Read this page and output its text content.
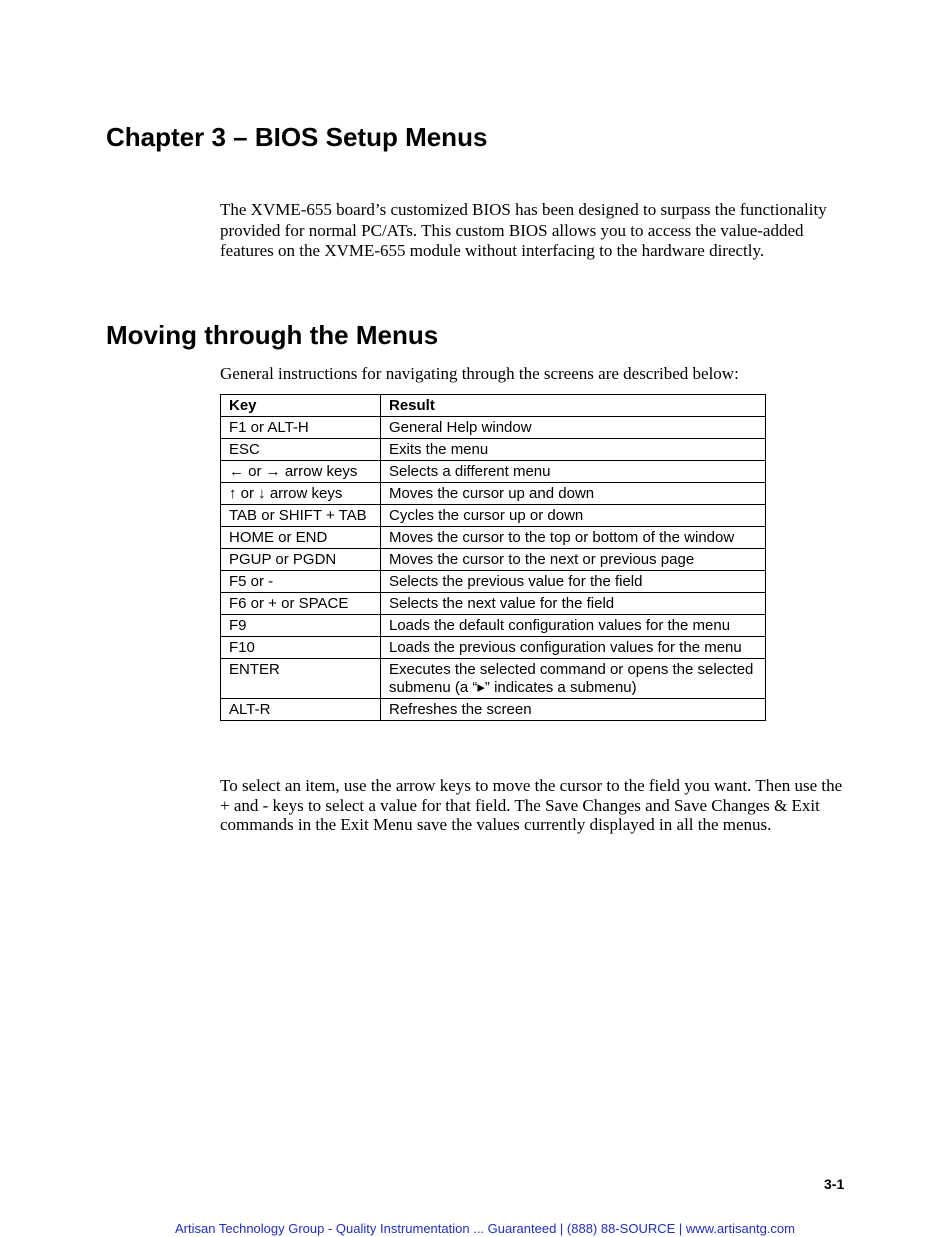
Chapter 3 – BIOS Setup Menus

The XVME-655 board’s customized BIOS has been designed to surpass the functionality provided for normal PC/ATs. This custom BIOS allows you to access the value-added features on the XVME-655 module without interfacing to the hardware directly.

Moving through the Menus

General instructions for navigating through the screens are described below:

Key	Result
F1 or ALT-H	General Help window
ESC	Exits the menu
← or → arrow keys	Selects a different menu
↑ or ↓ arrow keys	Moves the cursor up and down
TAB or SHIFT + TAB	Cycles the cursor up or down
HOME or END	Moves the cursor to the top or bottom of the window
PGUP or PGDN	Moves the cursor to the next or previous page
F5 or -	Selects the previous value for the field
F6 or + or SPACE	Selects the next value for the field
F9	Loads the default configuration values for the menu
F10	Loads the previous configuration values for the menu
ENTER	Executes the selected command or opens the selected submenu (a “▸” indicates a submenu)
ALT-R	Refreshes the screen

To select an item, use the arrow keys to move the cursor to the field you want. Then use the + and - keys to select a value for that field. The Save Changes and Save Changes & Exit commands in the Exit Menu save the values currently displayed in all the menus.

3-1
Artisan Technology Group - Quality Instrumentation ... Guaranteed | (888) 88-SOURCE | www.artisantg.com
